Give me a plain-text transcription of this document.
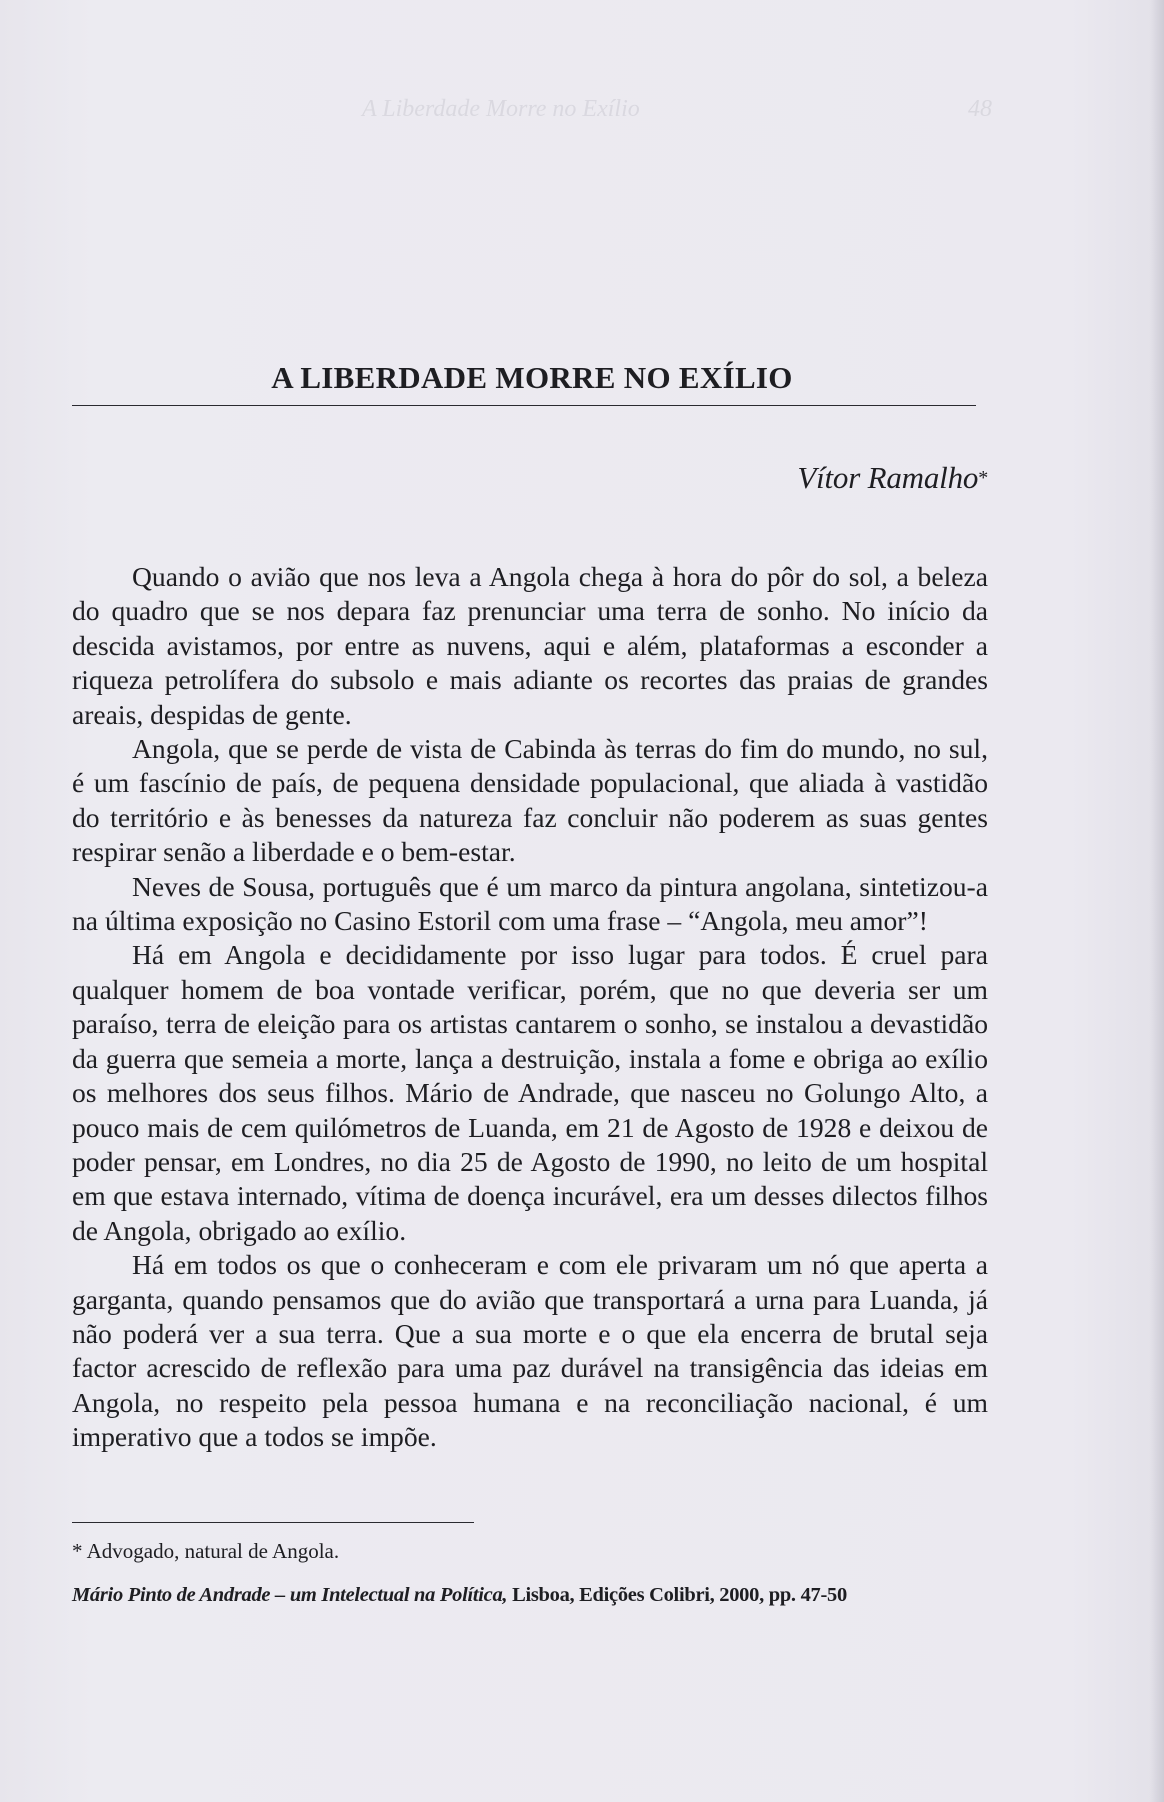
A Liberdade Morre no Exílio	48
A LIBERDADE MORRE NO EXÍLIO
Vítor Ramalho*

Quando o avião que nos leva a Angola chega à hora do pôr do sol, a beleza do quadro que se nos depara faz prenunciar uma terra de sonho. No início da descida avistamos, por entre as nuvens, aqui e além, plataformas a esconder a riqueza petrolífera do subsolo e mais adiante os recortes das praias de grandes areais, despidas de gente.

Angola, que se perde de vista de Cabinda às terras do fim do mundo, no sul, é um fascínio de país, de pequena densidade populacional, que aliada à vastidão do território e às benesses da natureza faz concluir não poderem as suas gentes respirar senão a liberdade e o bem-estar.

Neves de Sousa, português que é um marco da pintura angolana, sintetizou-a na última exposição no Casino Estoril com uma frase – “Angola, meu amor”!

Há em Angola e decididamente por isso lugar para todos. É cruel para qualquer homem de boa vontade verificar, porém, que no que deveria ser um paraíso, terra de eleição para os artistas cantarem o sonho, se instalou a devastidão da guerra que semeia a morte, lança a destruição, instala a fome e obriga ao exílio os melhores dos seus filhos. Mário de Andrade, que nasceu no Golungo Alto, a pouco mais de cem quilómetros de Luanda, em 21 de Agosto de 1928 e deixou de poder pensar, em Londres, no dia 25 de Agosto de 1990, no leito de um hospital em que estava internado, vítima de doença incurável, era um desses dilectos filhos de Angola, obrigado ao exílio.

Há em todos os que o conheceram e com ele privaram um nó que aperta a garganta, quando pensamos que do avião que transportará a urna para Luanda, já não poderá ver a sua terra. Que a sua morte e o que ela encerra de brutal seja factor acrescido de reflexão para uma paz durável na transigência das ideias em Angola, no respeito pela pessoa humana e na reconciliação nacional, é um imperativo que a todos se impõe.

* Advogado, natural de Angola.
Mário Pinto de Andrade – um Intelectual na Política, Lisboa, Edições Colibri, 2000, pp. 47-50
